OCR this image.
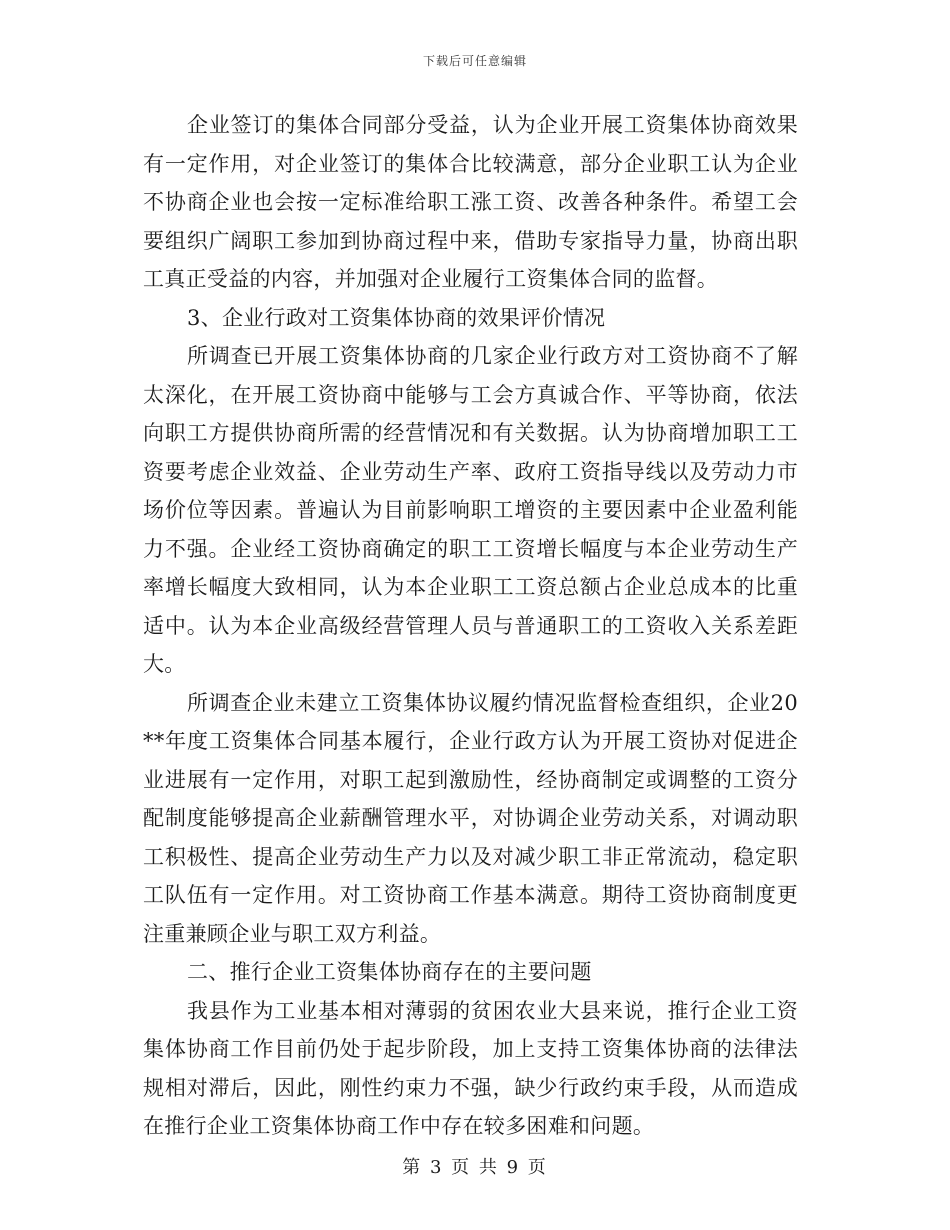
下载后可任意编辑

企业签订的集体合同部分受益，认为企业开展工资集体协商效果有一定作用，对企业签订的集体合比较满意，部分企业职工认为企业不协商企业也会按一定标准给职工涨工资、改善各种条件。希望工会要组织广阔职工参加到协商过程中来，借助专家指导力量，协商出职工真正受益的内容，并加强对企业履行工资集体合同的监督。

3、企业行政对工资集体协商的效果评价情况

所调查已开展工资集体协商的几家企业行政方对工资协商不了解太深化，在开展工资协商中能够与工会方真诚合作、平等协商，依法向职工方提供协商所需的经营情况和有关数据。认为协商增加职工工资要考虑企业效益、企业劳动生产率、政府工资指导线以及劳动力市场价位等因素。普遍认为目前影响职工增资的主要因素中企业盈利能力不强。企业经工资协商确定的职工工资增长幅度与本企业劳动生产率增长幅度大致相同，认为本企业职工工资总额占企业总成本的比重适中。认为本企业高级经营管理人员与普通职工的工资收入关系差距大。

所调查企业未建立工资集体协议履约情况监督检查组织，企业20**年度工资集体合同基本履行，企业行政方认为开展工资协对促进企业进展有一定作用，对职工起到激励性，经协商制定或调整的工资分配制度能够提高企业薪酬管理水平，对协调企业劳动关系，对调动职工积极性、提高企业劳动生产力以及对减少职工非正常流动，稳定职工队伍有一定作用。对工资协商工作基本满意。期待工资协商制度更注重兼顾企业与职工双方利益。

二、推行企业工资集体协商存在的主要问题

我县作为工业基本相对薄弱的贫困农业大县来说，推行企业工资集体协商工作目前仍处于起步阶段，加上支持工资集体协商的法律法规相对滞后，因此，刚性约束力不强，缺少行政约束手段，从而造成在推行企业工资集体协商工作中存在较多困难和问题。

第 3 页 共 9 页
